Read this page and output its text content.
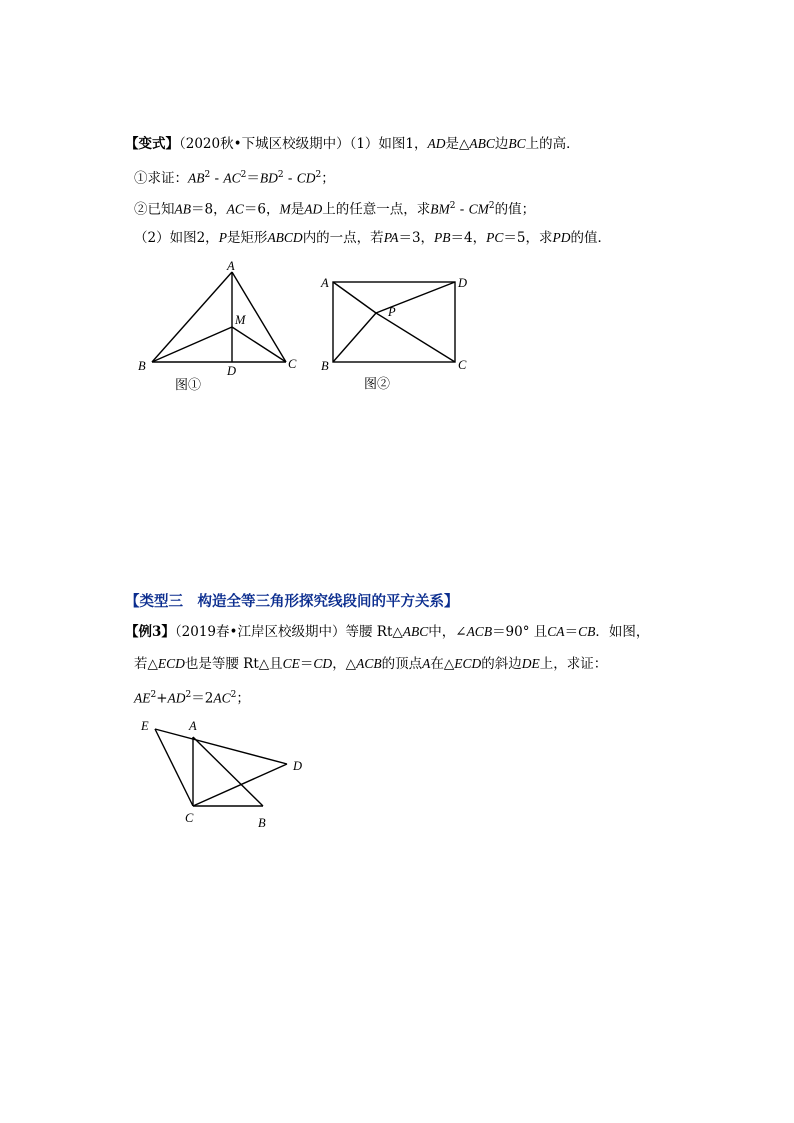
【变式】（2020秋•下城区校级期中）（1）如图1，AD是△ABC边BC上的高．
①求证：$AB^2 - AC^2=BD^2 - CD^2$；
②已知AB＝8，AC＝6，M是AD上的任意一点，求$BM^2 - CM^2$的值；
（2）如图2，P是矩形ABCD内的一点，若PA＝3，PB＝4，PC＝5，求PD的值．
A
M
B	D	C
图①
A	D
P
B	C
图②
【类型三　构造全等三角形探究线段间的平方关系】
【例3】（2019春•江岸区校级期中）等腰 Rt△ABC中，∠ACB＝90° 且CA＝CB．如图，
若△ECD也是等腰 Rt△且CE＝CD，△ACB的顶点A在△ECD的斜边DE上，求证：
$AE^2+AD^2=2AC^2$；
E	A
D
C	B
